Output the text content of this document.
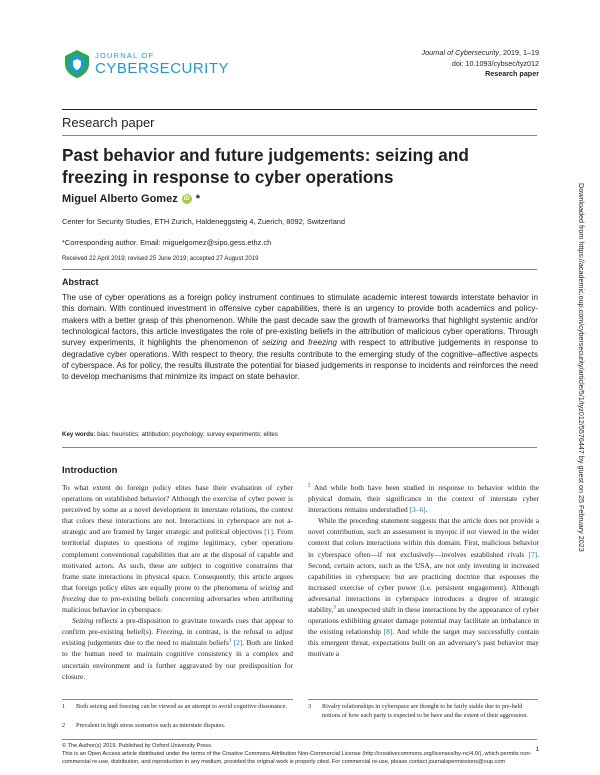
JOURNAL OF
CYBERSECURITY
Journal of Cybersecurity, 2019, 1–19
doi: 10.1093/cybsec/tyz012
Research paper
Research paper
Past behavior and future judgements: seizing and freezing in response to cyber operations
Miguel Alberto Gomez	iD *
Center for Security Studies, ETH Zurich, Haldeneggsteig 4, Zuerich, 8092, Switzerland
*Corresponding author. Email: miguelgomez@sipo.gess.ethz.ch
Received 22 April 2019; revised 25 June 2019; accepted 27 August 2019
Abstract
The use of cyber operations as a foreign policy instrument continues to stimulate academic interest towards interstate behavior in this domain. With continued investment in offensive cyber capabilities, there is an urgency to provide both academics and policy-makers with a better grasp of this phenomenon. While the past decade saw the growth of frameworks that highlight systemic and/or technological factors, this article investigates the role of pre-existing beliefs in the attribution of malicious cyber operations. Through survey experiments, it highlights the phenomenon of seizing and freezing with respect to attributive judgements in response to degradative cyber operations. With respect to theory, the results contribute to the emerging study of the cognitive–affective aspects of cyberspace. As for policy, the results illustrate the potential for biased judgements in response to incidents and reinforces the need to develop mechanisms that minimize its impact on state behavior.
Key words: bias; heuristics; attribution; psychology; survey experiments; elites
Introduction

To what extent do foreign policy elites base their evaluation of cyber operations on established behavior? Although the exercise of cyber power is perceived by some as a novel development in interstate relations, the context that colors these interactions are not. Interactions in cyberspace are not a-strategic and are framed by larger strategic and political objectives [1]. From territorial disputes to questions of regime legitimacy, cyber operations complement conventional capabilities that are at the disposal of capable and motivated actors. As such, these are subject to cognitive constraints that frame state interactions in physical space. Consequently, this article argues that foreign policy elites are equally prone to the phenomena of seizing and freezing due to pre-existing beliefs concerning adversaries when attributing malicious behavior in cyberspace.

Seizing reflects a pre-disposition to gravitate towards cues that appear to confirm pre-existing belief(s). Freezing, in contrast, is the refusal to adjust existing judgements due to the need to maintain beliefs$^1$ [2]. Both are linked to the human need to maintain cognitive consistency in a complex and uncertain environment and is further aggravated by our predisposition for closure.

$^2$ And while both have been studied in response to behavior within the physical domain, their significance in the context of interstate cyber interactions remains understudied [3–6].

While the preceding statement suggests that the article does not provide a novel contribution, such an assessment is myopic if not viewed in the wider context that colors interactions within this domain. First, malicious behavior in cyberspace often—if not exclusively—involves established rivals [7]. Second, certain actors, such as the USA, are not only investing in increased capabilities in cyberspace; but are practicing doctrine that espouses the increased exercise of cyber power (i.e. persistent engagement). Although adversarial interactions in cyberspace introduces a degree of strategic stability,$^3$ an unexpected shift in these interactions by the appearance of cyber operations exhibiting greater damage potential may facilitate an imbalance in the existing relationship [8]. And while the target may successfully contain this emergent threat, expectations built on an adversary's past behavior may motivate a

1	Both seizing and freezing can be viewed as an attempt to avoid cognitive dissonance.
2	Prevalent in high stress scenarios such as interstate disputes.
3	Rivalry relationships in cyberspace are thought to be fairly stable due to pre-held notions of how each party is expected to be have and the extent of their aggression.
© The Author(s) 2019. Published by Oxford University Press.
This is an Open Access article distributed under the terms of the Creative Commons Attribution Non-Commercial License (http://creativecommons.org/licenses/by-nc/4.0/), which permits non-commercial re-use, distribution, and reproduction in any medium, provided the original work is properly cited. For commercial re-use, please contact journalspermissions@oup.com
1
Downloaded from https://academic.oup.com/cybersecurity/article/5/1/tyz012/5576447 by guest on 25 February 2023
